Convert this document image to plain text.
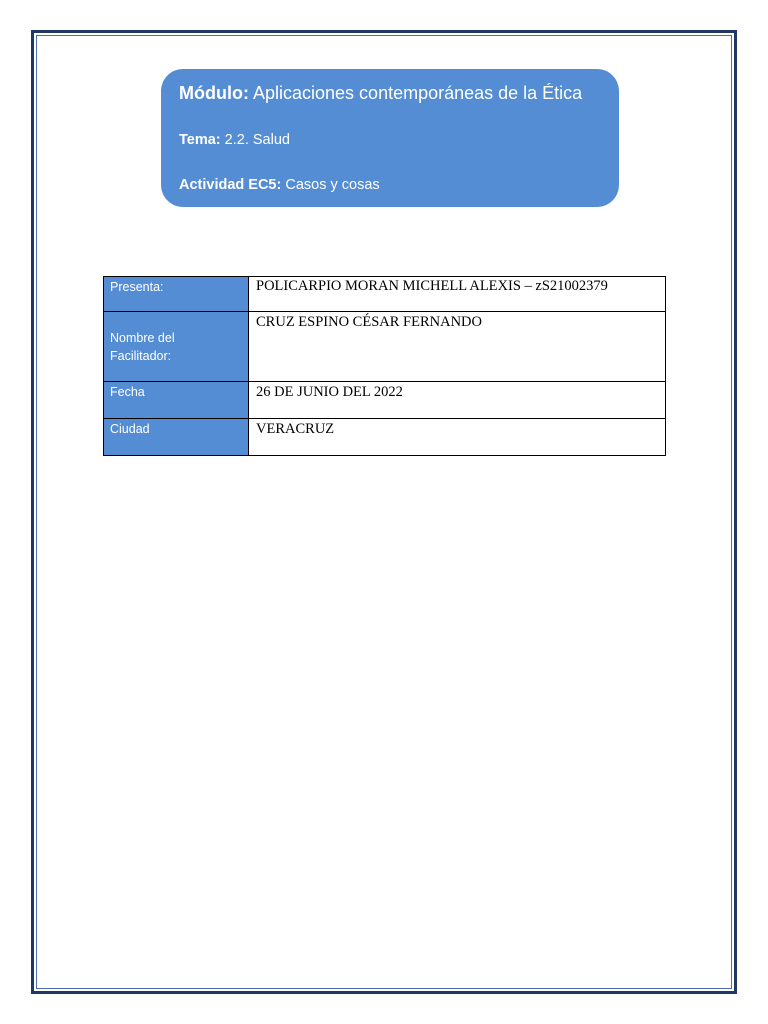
Módulo: Aplicaciones contemporáneas de la Ética
Tema: 2.2. Salud
Actividad EC5: Casos y cosas
Presenta:	POLICARPIO MORAN MICHELL ALEXIS – zS21002379

Nombre del
Facilitador:	CRUZ ESPINO CÉSAR FERNANDO

Fecha	26 DE JUNIO DEL 2022

Ciudad	VERACRUZ
